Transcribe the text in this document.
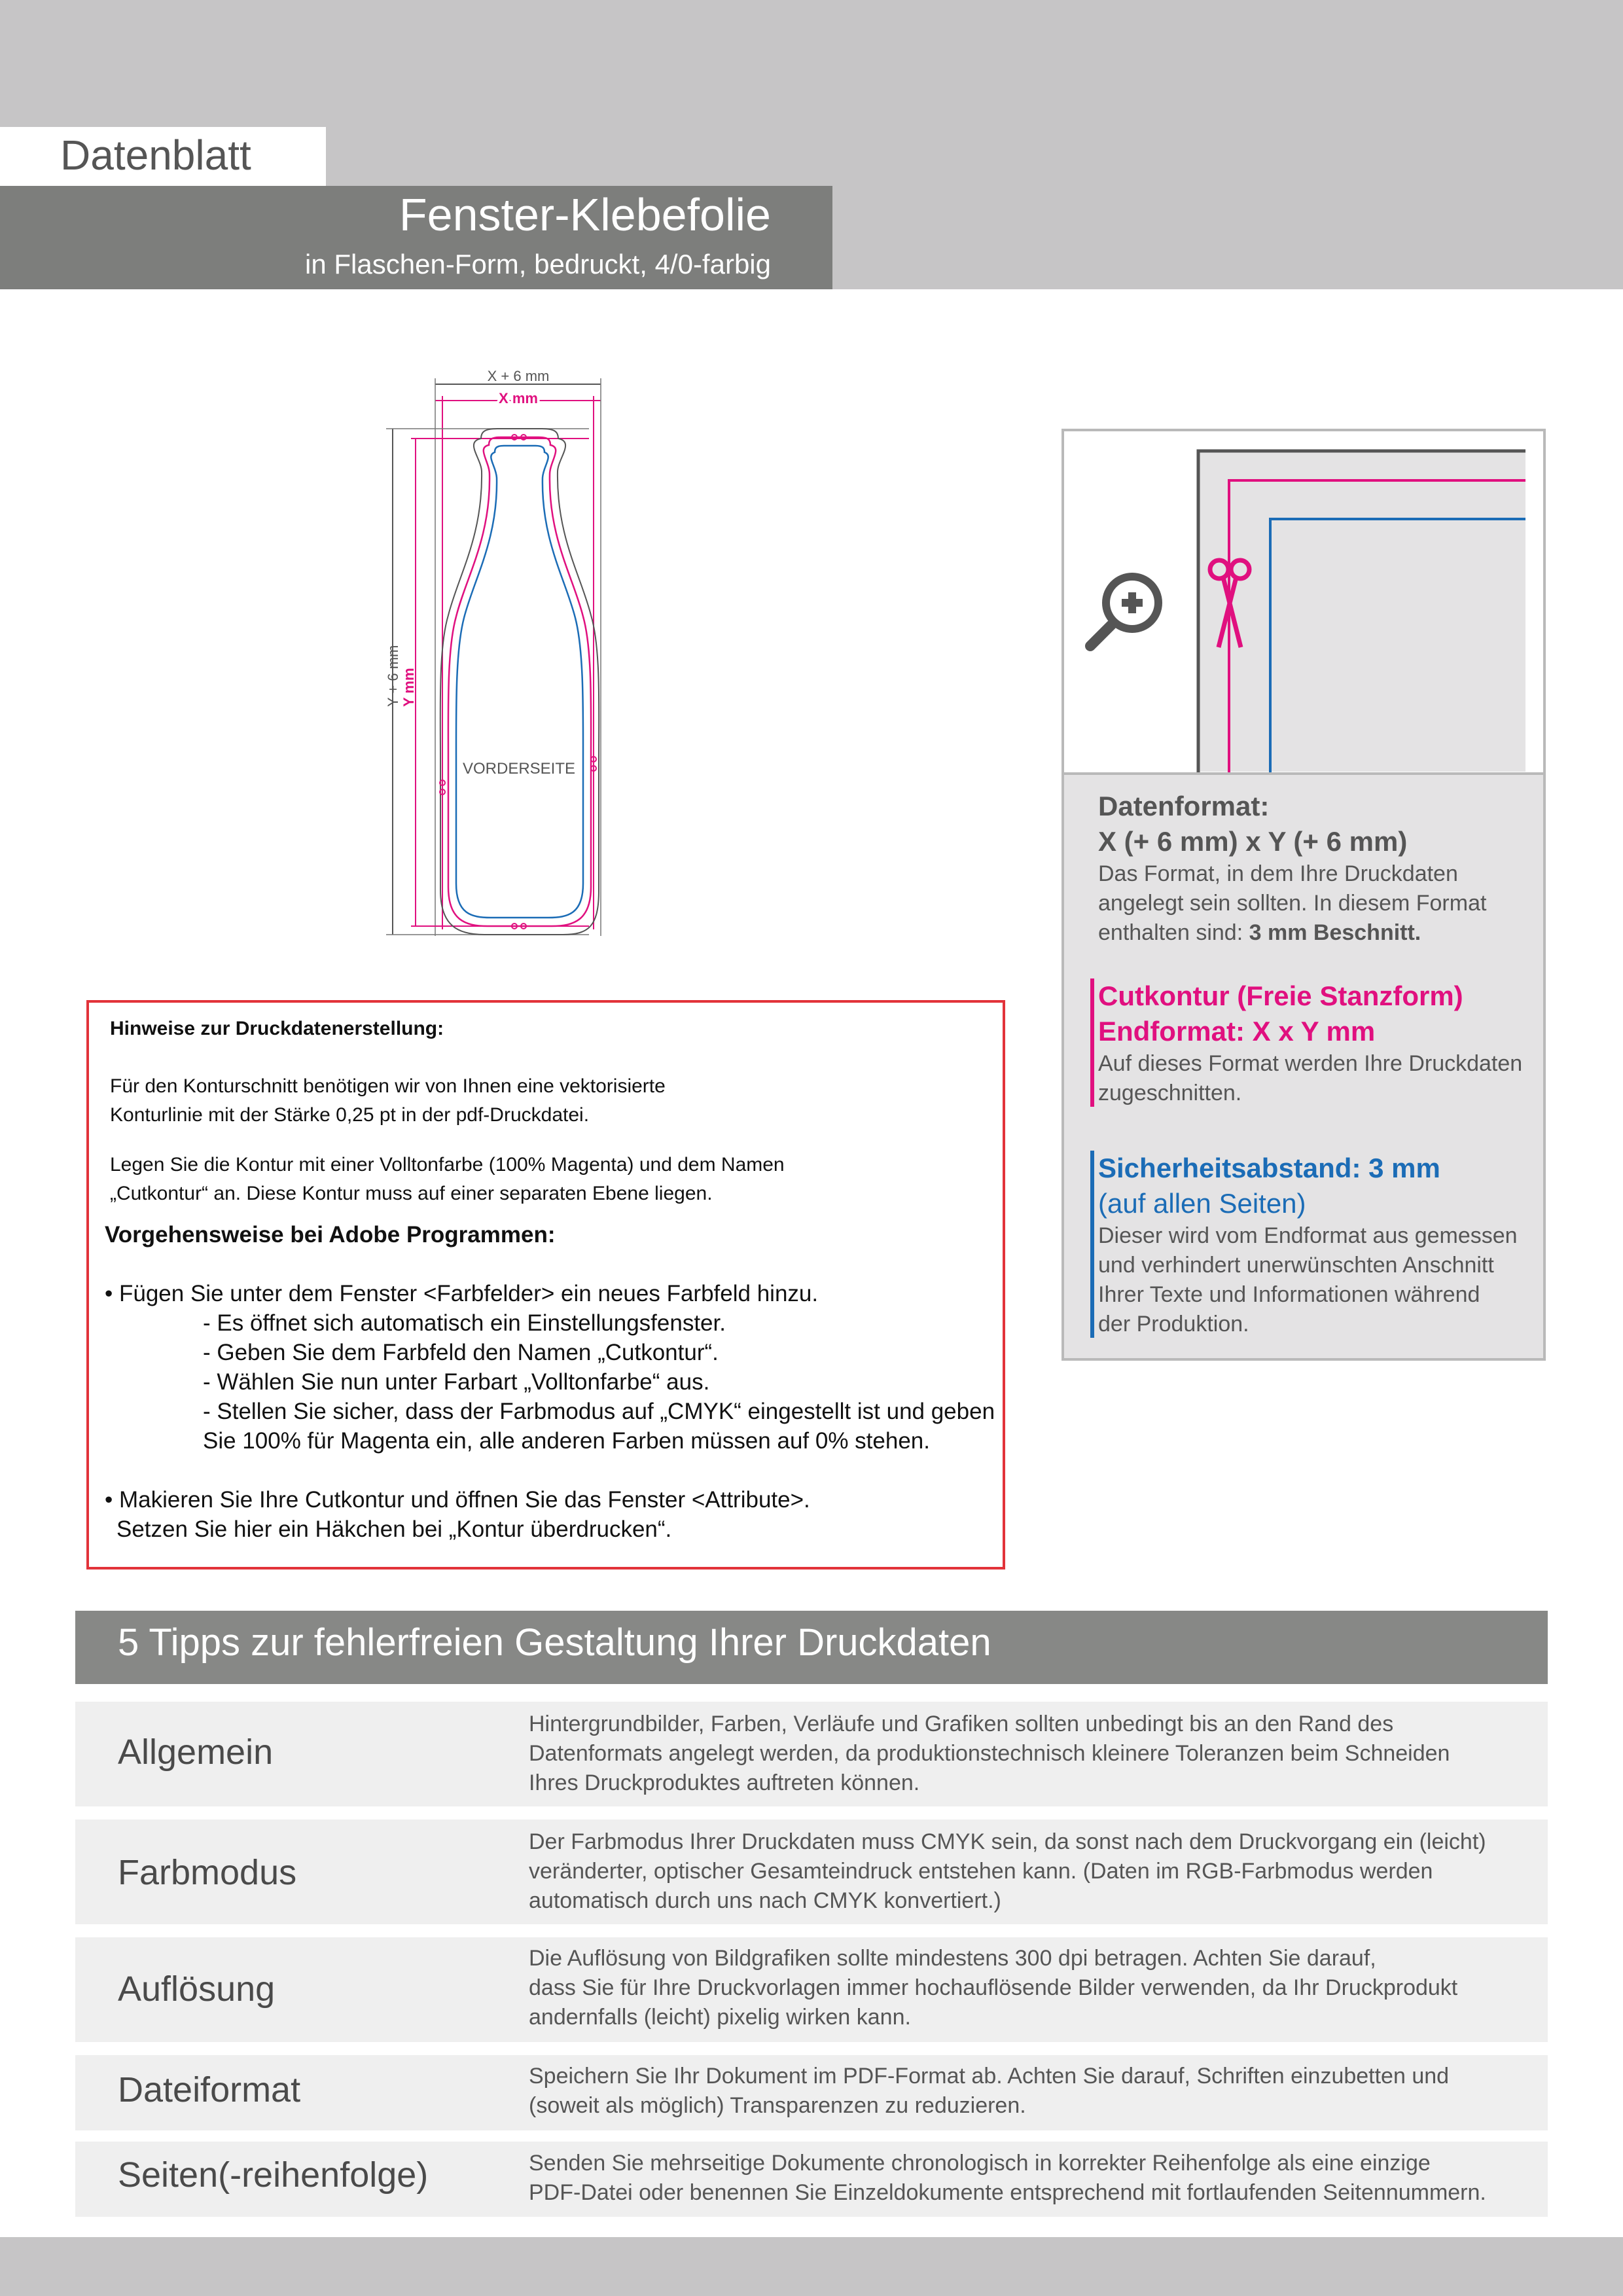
Datenblatt
Fenster-Klebefolie
in Flaschen-Form, bedruckt, 4/0-farbig
X + 6 mm
X mm
Y + 6 mm Y mm
VORDERSEITE
Datenformat:
X (+ 6 mm) x Y (+ 6 mm)
Das Format, in dem Ihre Druckdaten
angelegt sein sollten. In diesem Format
enthalten sind: 3 mm Beschnitt.
Cutkontur (Freie Stanzform)
Endformat: X x Y mm
Auf dieses Format werden Ihre Druckdaten
zugeschnitten.
Sicherheitsabstand: 3 mm
(auf allen Seiten)
Dieser wird vom Endformat aus gemessen
und verhindert unerwünschten Anschnitt
Ihrer Texte und Informationen während
der Produktion.
Hinweise zur Druckdatenerstellung:
Für den Konturschnitt benötigen wir von Ihnen eine vektorisierte
Konturlinie mit der Stärke 0,25 pt in der pdf-Druckdatei.
Legen Sie die Kontur mit einer Volltonfarbe (100% Magenta) und dem Namen
„Cutkontur“ an. Diese Kontur muss auf einer separaten Ebene liegen.
Vorgehensweise bei Adobe Programmen:
• Fügen Sie unter dem Fenster <Farbfelder> ein neues Farbfeld hinzu.
- Es öffnet sich automatisch ein Einstellungsfenster.
- Geben Sie dem Farbfeld den Namen „Cutkontur“.
- Wählen Sie nun unter Farbart „Volltonfarbe“ aus.
- Stellen Sie sicher, dass der Farbmodus auf „CMYK“ eingestellt ist und geben
Sie 100% für Magenta ein, alle anderen Farben müssen auf 0% stehen.
• Makieren Sie Ihre Cutkontur und öffnen Sie das Fenster <Attribute>.
Setzen Sie hier ein Häkchen bei „Kontur überdrucken“.
5 Tipps zur fehlerfreien Gestaltung Ihrer Druckdaten
Allgemein
Hintergrundbilder, Farben, Verläufe und Grafiken sollten unbedingt bis an den Rand des
Datenformats angelegt werden, da produktionstechnisch kleinere Toleranzen beim Schneiden
Ihres Druckproduktes auftreten können.
Farbmodus
Der Farbmodus Ihrer Druckdaten muss CMYK sein, da sonst nach dem Druckvorgang ein (leicht)
veränderter, optischer Gesamteindruck entstehen kann. (Daten im RGB-Farbmodus werden
automatisch durch uns nach CMYK konvertiert.)
Auflösung
Die Auflösung von Bildgrafiken sollte mindestens 300 dpi betragen. Achten Sie darauf,
dass Sie für Ihre Druckvorlagen immer hochauflösende Bilder verwenden, da Ihr Druckprodukt
andernfalls (leicht) pixelig wirken kann.
Dateiformat	Speichern Sie Ihr Dokument im PDF-Format ab. Achten Sie darauf, Schriften einzubetten und
(soweit als möglich) Transparenzen zu reduzieren.
Seiten(-reihenfolge)	Senden Sie mehrseitige Dokumente chronologisch in korrekter Reihenfolge als eine einzige
PDF-Datei oder benennen Sie Einzeldokumente entsprechend mit fortlaufenden Seitennummern.
